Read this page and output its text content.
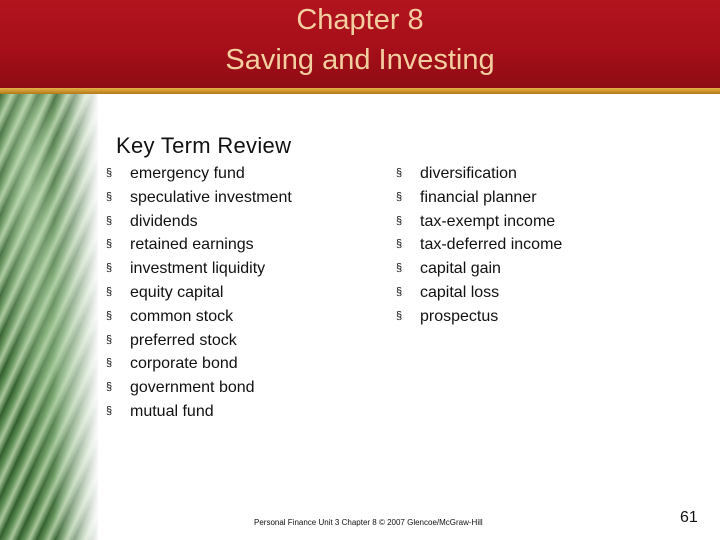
Chapter 8
Saving and Investing
Key Term Review
§ emergency fund
§ speculative investment
§ dividends
§ retained earnings
§ investment liquidity
§ equity capital
§ common stock
§ preferred stock
§ corporate bond
§ government bond
§ mutual fund
§ diversification
§ financial planner
§ tax-exempt income
§ tax-deferred income
§ capital gain
§ capital loss
§ prospectus
Personal Finance Unit 3 Chapter 8 © 2007 Glencoe/McGraw-Hill	61
